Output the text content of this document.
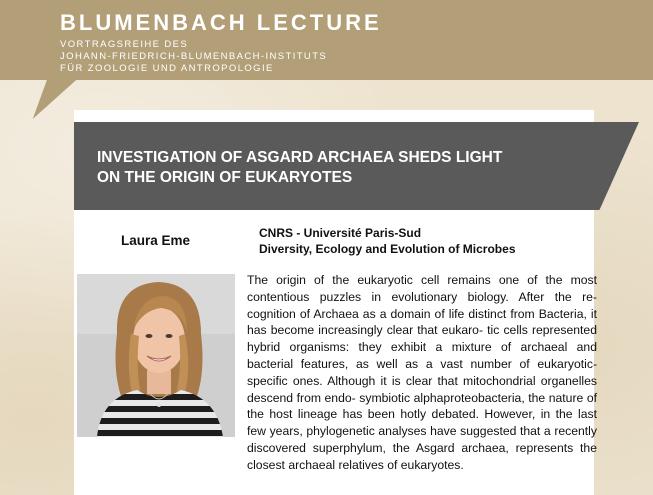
BLUMENBACH LECTURE

VORTRAGSREIHE DES
JOHANN-FRIEDRICH-BLUMENBACH-INSTITUTS
FÜR ZOOLOGIE UND ANTROPOLOGIE

INVESTIGATION OF ASGARD ARCHAEA SHEDS LIGHT
ON THE ORIGIN OF EUKARYOTES

Laura Eme	CNRS - Université Paris-Sud
Diversity, Ecology and Evolution of Microbes

The origin of the eukaryotic cell remains one of the most contentious puzzles in evolutionary biology. After the re- cognition of Archaea as a domain of life distinct from Bacteria, it has become increasingly clear that eukaro- tic cells represented hybrid organisms: they exhibit a mixture of archaeal and bacterial features, as well as a vast number of eukaryotic-specific ones. Although it is clear that mitochondrial organelles descend from endo- symbiotic alphaproteobacteria, the nature of the host lineage has been hotly debated. However, in the last few years, phylogenetic analyses have suggested that a recently discovered superphylum, the Asgard archaea, represents the closest archaeal relatives of eukaryotes.
